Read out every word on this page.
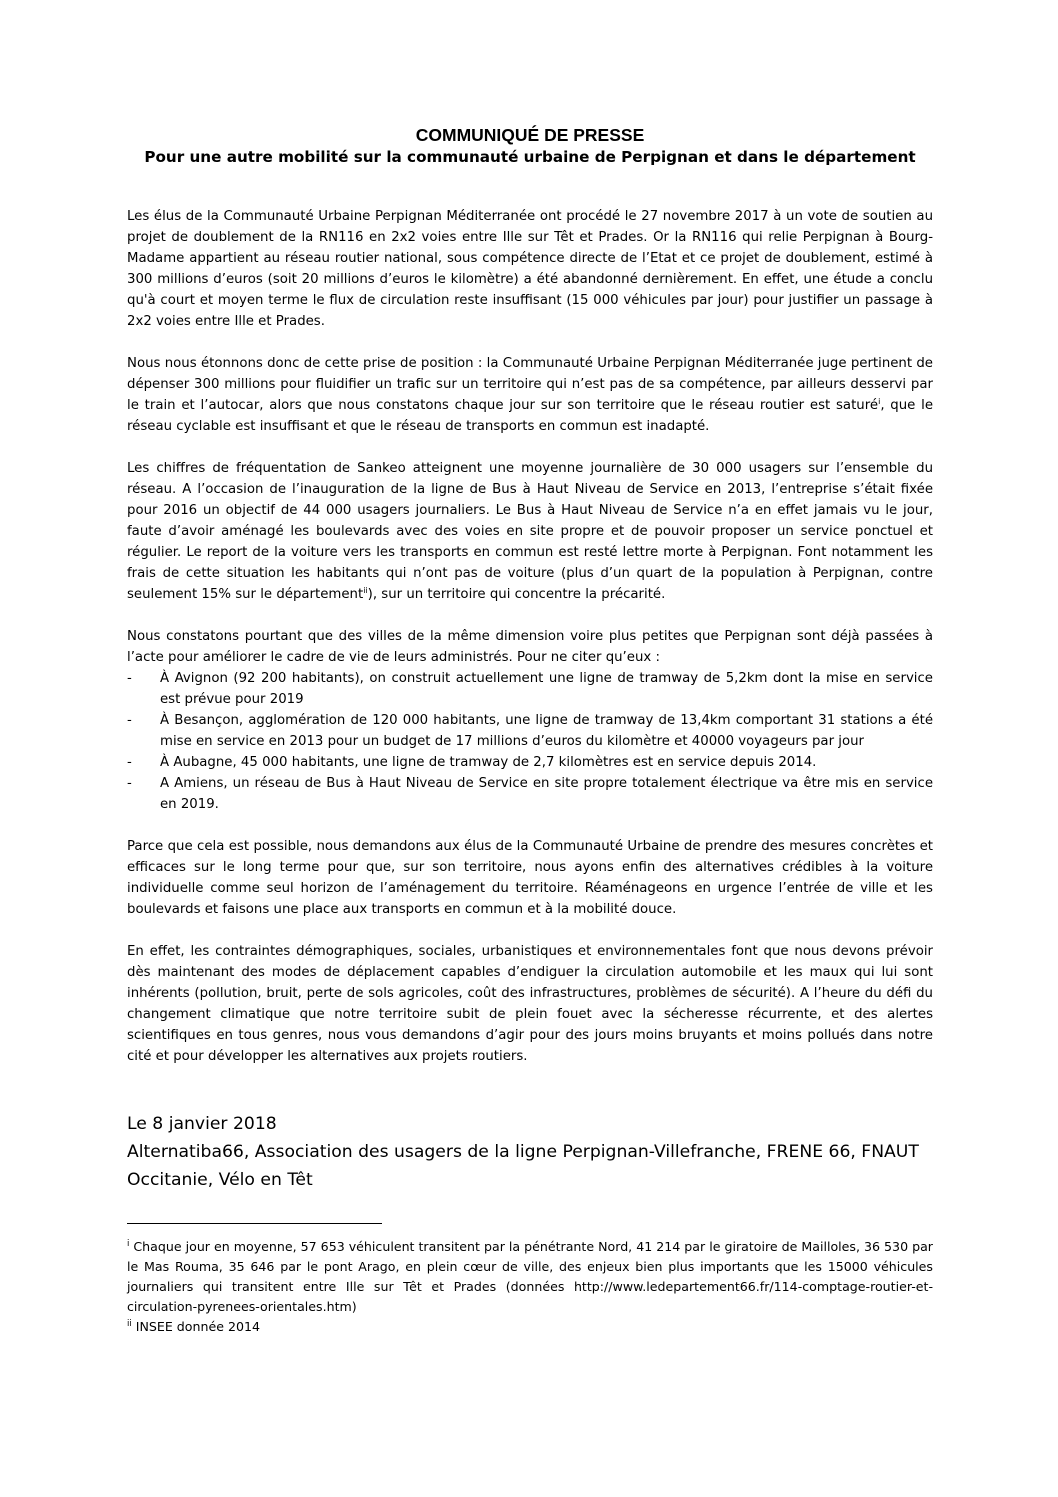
COMMUNIQUÉ DE PRESSE
Pour une autre mobilité sur la communauté urbaine de Perpignan et dans le département

Les élus de la Communauté Urbaine Perpignan Méditerranée ont procédé le 27 novembre 2017 à un vote de soutien au projet de doublement de la RN116 en 2x2 voies entre Ille sur Têt et Prades. Or la RN116 qui relie Perpignan à Bourg-Madame appartient au réseau routier national, sous compétence directe de l’Etat et ce projet de doublement, estimé à 300 millions d’euros (soit 20 millions d’euros le kilomètre) a été abandonné dernièrement. En effet, une étude a conclu qu'à court et moyen terme le flux de circulation reste insuffisant (15 000 véhicules par jour) pour justifier un passage à 2x2 voies entre Ille et Prades.

Nous nous étonnons donc de cette prise de position : la Communauté Urbaine Perpignan Méditerranée juge pertinent de dépenser 300 millions pour fluidifier un trafic sur un territoire qui n’est pas de sa compétence, par ailleurs desservi par le train et l’autocar, alors que nous constatons chaque jour sur son territoire que le réseau routier est saturé$^i$, que le réseau cyclable est insuffisant et que le réseau de transports en commun est inadapté.

Les chiffres de fréquentation de Sankeo atteignent une moyenne journalière de 30 000 usagers sur l’ensemble du réseau. A l’occasion de l’inauguration de la ligne de Bus à Haut Niveau de Service en 2013, l’entreprise s’était fixée pour 2016 un objectif de 44 000 usagers journaliers. Le Bus à Haut Niveau de Service n’a en effet jamais vu le jour, faute d’avoir aménagé les boulevards avec des voies en site propre et de pouvoir proposer un service ponctuel et régulier. Le report de la voiture vers les transports en commun est resté lettre morte à Perpignan. Font notamment les frais de cette situation les habitants qui n’ont pas de voiture (plus d’un quart de la population à Perpignan, contre seulement 15% sur le département$^{ii}$), sur un territoire qui concentre la précarité.

Nous constatons pourtant que des villes de la même dimension voire plus petites que Perpignan sont déjà passées à l’acte pour améliorer le cadre de vie de leurs administrés. Pour ne citer qu’eux :

- À Avignon (92 200 habitants), on construit actuellement une ligne de tramway de 5,2km dont la mise en service est prévue pour 2019
- À Besançon, agglomération de 120 000 habitants, une ligne de tramway de 13,4km comportant 31 stations a été mise en service en 2013 pour un budget de 17 millions d’euros du kilomètre et 40000 voyageurs par jour
- À Aubagne, 45 000 habitants, une ligne de tramway de 2,7 kilomètres est en service depuis 2014.
- A Amiens, un réseau de Bus à Haut Niveau de Service en site propre totalement électrique va être mis en service en 2019.

Parce que cela est possible, nous demandons aux élus de la Communauté Urbaine de prendre des mesures concrètes et efficaces sur le long terme pour que, sur son territoire, nous ayons enfin des alternatives crédibles à la voiture individuelle comme seul horizon de l’aménagement du territoire. Réaménageons en urgence l’entrée de ville et les boulevards et faisons une place aux transports en commun et à la mobilité douce.

En effet, les contraintes démographiques, sociales, urbanistiques et environnementales font que nous devons prévoir dès maintenant des modes de déplacement capables d’endiguer la circulation automobile et les maux qui lui sont inhérents (pollution, bruit, perte de sols agricoles, coût des infrastructures, problèmes de sécurité). A l’heure du défi du changement climatique que notre territoire subit de plein fouet avec la sécheresse récurrente, et des alertes scientifiques en tous genres, nous vous demandons d’agir pour des jours moins bruyants et moins pollués dans notre cité et pour développer les alternatives aux projets routiers.

Le 8 janvier 2018
Alternatiba66, Association des usagers de la ligne Perpignan-Villefranche, FRENE 66, FNAUT Occitanie, Vélo en Têt

$^i$ Chaque jour en moyenne, 57 653 véhiculent transitent par la pénétrante Nord, 41 214 par le giratoire de Mailloles, 36 530 par le Mas Rouma, 35 646 par le pont Arago, en plein cœur de ville, des enjeux bien plus importants que les 15000 véhicules journaliers qui transitent entre Ille sur Têt et Prades (données http://www.ledepartement66.fr/114-comptage-routier-et-circulation-pyrenees-orientales.htm)

$^{ii}$ INSEE donnée 2014
